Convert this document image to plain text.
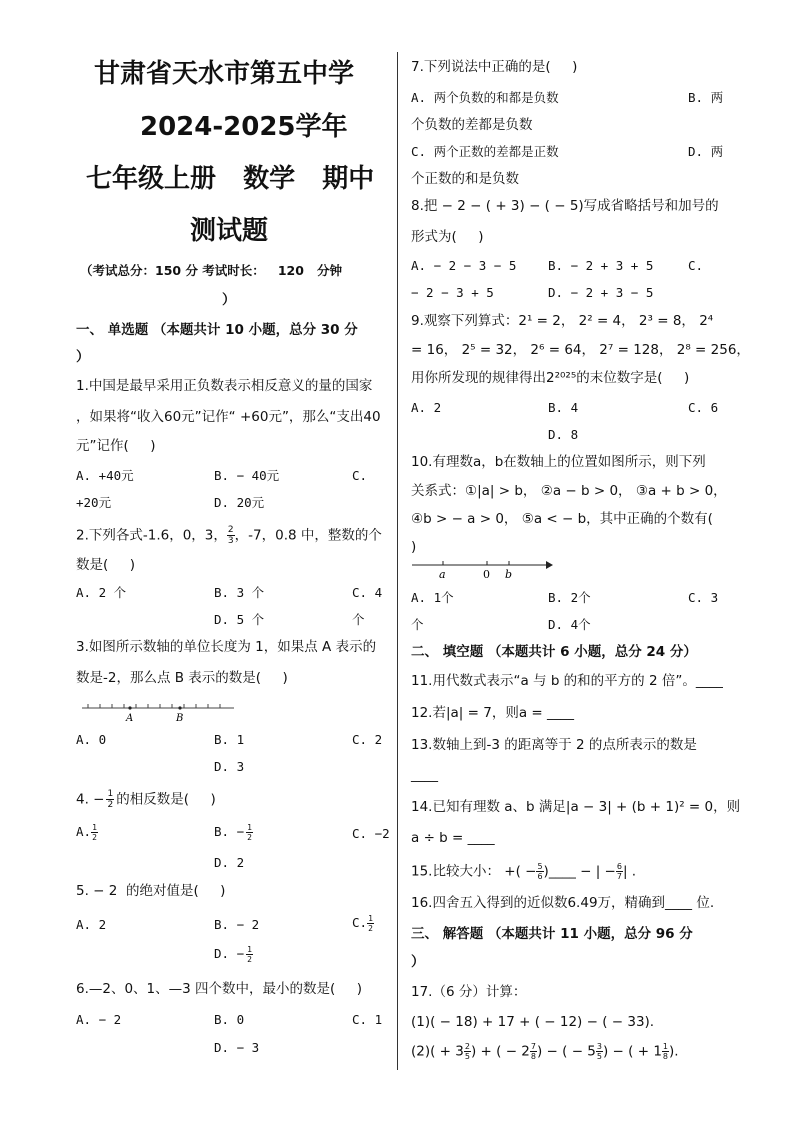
甘肃省天水市第五中学
2024-2025学年
七年级上册   数学   期中
测试题
（考试总分：150 分 考试时长：   120   分钟
）
一、 单选题 （本题共计 10 小题，总分 30 分
）
1.中国是最早采用正负数表示相反意义的量的国家
，如果将“收入60元”记作“ +60元”，那么“支出40
元”记作(     )
A. +40元	B. − 40元	C.
+20元	D. 20元
2.下列各式-1.6，0，3， $\frac{2}{3}$ ，-7，0.8 中，整数的个
数是(     )
A. 2 个	B. 3 个	C. 4
个
D. 5 个
3.如图所示数轴的单位长度为 1，如果点 A 表示的
数是-2，那么点 B 表示的数是(     )
A	B
A. 0	B. 1	C. 2
D. 3
4. − $\frac{1}{2}$ 的相反数是(     )
A. $\frac{1}{2}$	B. − $\frac{1}{2}$	C. −2
D. 2
5. − 2  的绝对值是(     )
A. 2	B. − 2	C. $\frac{1}{2}$
D. − $\frac{1}{2}$
6.—2、0、1、—3 四个数中，最小的数是(     )
A. − 2	B. 0	C. 1
D. − 3
7.下列说法中正确的是(     )
A. 两个负数的和都是负数	B. 两
个负数的差都是负数
C. 两个正数的差都是正数	D. 两
个正数的和是负数
8.把 − 2 − ( + 3) − ( − 5)写成省略括号和加号的
形式为(     )
A. − 2 − 3 − 5	B. − 2 + 3 + 5	C.
− 2 − 3 + 5	D. − 2 + 3 − 5
9.观察下列算式：2¹ = 2， 2² = 4， 2³ = 8， 2⁴
= 16， 2⁵ = 32， 2⁶ = 64， 2⁷ = 128， 2⁸ = 256，
用你所发现的规律得出2²⁰²⁵的末位数字是(     )
A. 2	B. 4	C. 6
D. 8
10.有理数a，b在数轴上的位置如图所示，则下列
关系式：①|a| > b， ②a − b > 0， ③a + b > 0，
④b > − a > 0， ⑤a < − b，其中正确的个数有(
)
a	0 b
A. 1个	B. 2个	C. 3
个	D. 4个
二、 填空题 （本题共计 6 小题，总分 24 分）
11.用代数式表示“a 与 b 的和的平方的 2 倍”。____
12.若|a| = 7，则a = ____
13.数轴上到-3 的距离等于 2 的点所表示的数是
____
14.已知有理数 a、b 满足|a − 3| + (b + 1)² = 0，则
a ÷ b = ____
15.比较大小： +( − $\frac{5}{6}$ )____ − | − $\frac{6}{7}$ | .
16.四舍五入得到的近似数6.49万，精确到____ 位.
三、 解答题 （本题共计 11 小题，总分 96 分
）
17.（6 分）计算：
(1)( − 18) + 17 + ( − 12) − ( − 33).
$(2)( + 3 \frac{2}{5}$ ) + ( − $2 \frac{7}{8}$ ) − ( − $5 \frac{3}{5}$ ) − ( + $1 \frac{1}{8}$ ).
